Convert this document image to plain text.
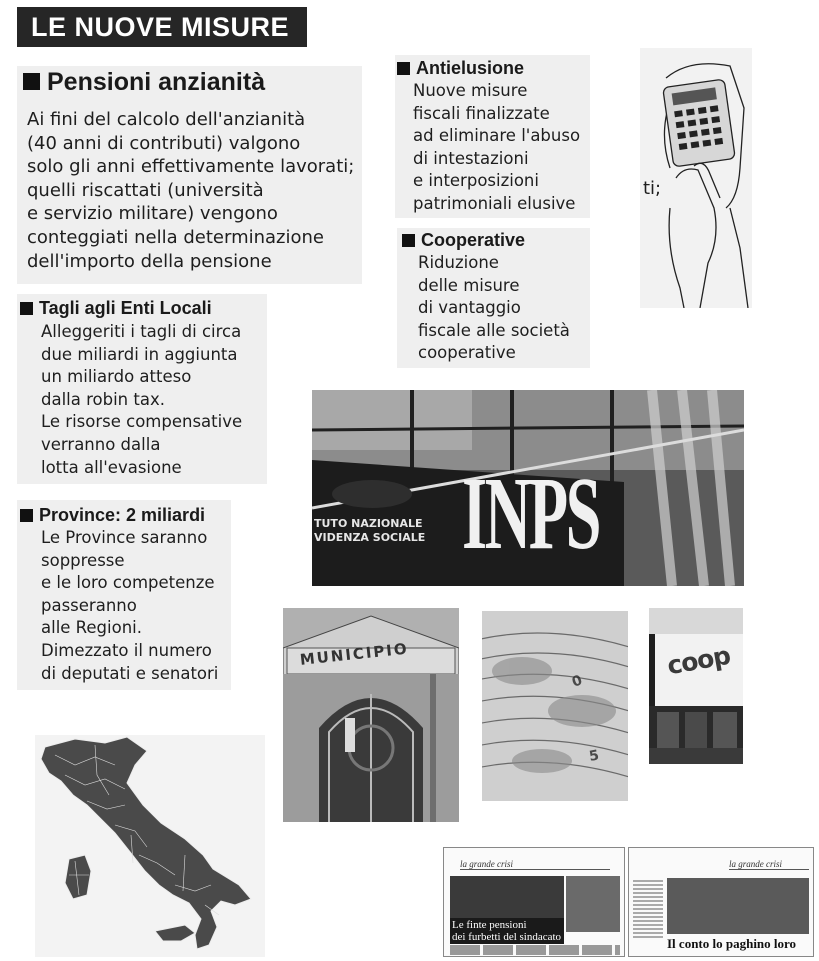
LE NUOVE MISURE
Pensioni anzianità
Ai fini del calcolo dell'anzianità
(40 anni di contributi) valgono
solo gli anni effettivamente lavorati;
quelli riscattati (università
e servizio militare) vengono
conteggiati nella determinazione
dell'importo della pensione
Antielusione
Nuove misure
fiscali finalizzate
ad eliminare l'abuso
di intestazioni
e interposizioni
patrimoniali elusive
Cooperative
Riduzione
delle misure
di vantaggio
fiscale alle società
cooperative
Tagli agli Enti Locali
Alleggeriti i tagli di circa
due miliardi in aggiunta
un miliardo atteso
dalla robin tax.
Le risorse compensative
verranno dalla
lotta all'evasione
Province: 2 miliardi
Le Province saranno
soppresse
e le loro competenze
passeranno
alle Regioni.
Dimezzato il numero
di deputati e senatori
ti;
INPS
TUTO NAZIONALE
VIDENZA SOCIALE
MUNICIPIO
0
5
coop
la grande crisi
Le finte pensioni
dei furbetti del sindacato
la grande crisi
Il conto lo paghino loro
